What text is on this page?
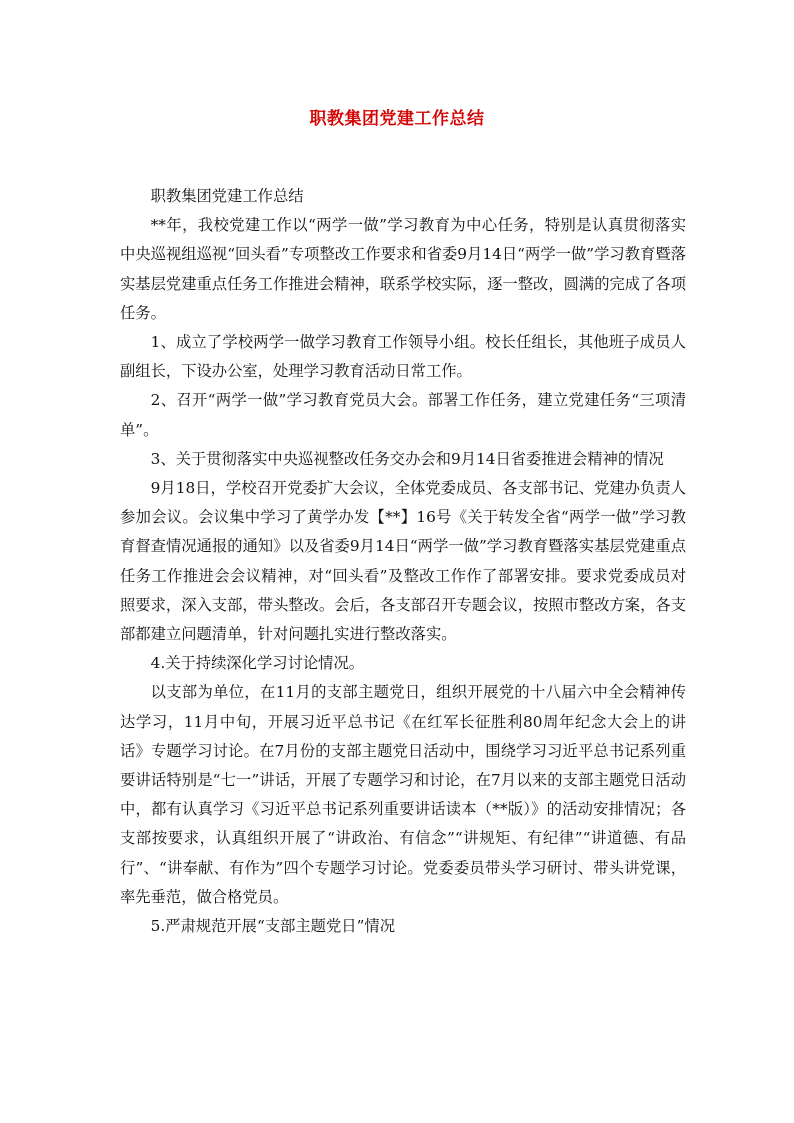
职教集团党建工作总结

职教集团党建工作总结

**年，我校党建工作以“两学一做”学习教育为中心任务，特别是认真贯彻落实中央巡视组巡视“回头看”专项整改工作要求和省委9月14日“两学一做”学习教育暨落实基层党建重点任务工作推进会精神，联系学校实际，逐一整改，圆满的完成了各项任务。

1、成立了学校两学一做学习教育工作领导小组。校长任组长，其他班子成员人副组长，下设办公室，处理学习教育活动日常工作。

2、召开“两学一做”学习教育党员大会。部署工作任务，建立党建任务“三项清单”。

3、关于贯彻落实中央巡视整改任务交办会和9月14日省委推进会精神的情况

9月18日，学校召开党委扩大会议，全体党委成员、各支部书记、党建办负责人参加会议。会议集中学习了黄学办发【**】16号《关于转发全省“两学一做”学习教育督查情况通报的通知》以及省委9月14日“两学一做”学习教育暨落实基层党建重点任务工作推进会会议精神，对“回头看”及整改工作作了部署安排。要求党委成员对照要求，深入支部，带头整改。会后，各支部召开专题会议，按照市整改方案，各支部都建立问题清单，针对问题扎实进行整改落实。

4.关于持续深化学习讨论情况。

以支部为单位，在11月的支部主题党日，组织开展党的十八届六中全会精神传达学习，11月中旬，开展习近平总书记《在红军长征胜利80周年纪念大会上的讲话》专题学习讨论。在7月份的支部主题党日活动中，围绕学习习近平总书记系列重要讲话特别是“七一”讲话，开展了专题学习和讨论，在7月以来的支部主题党日活动中，都有认真学习《习近平总书记系列重要讲话读本（**版）》的活动安排情况；各支部按要求，认真组织开展了“讲政治、有信念”“讲规矩、有纪律”“讲道德、有品行”、“讲奉献、有作为”四个专题学习讨论。党委委员带头学习研讨、带头讲党课，率先垂范，做合格党员。

5.严肃规范开展“支部主题党日”情况
